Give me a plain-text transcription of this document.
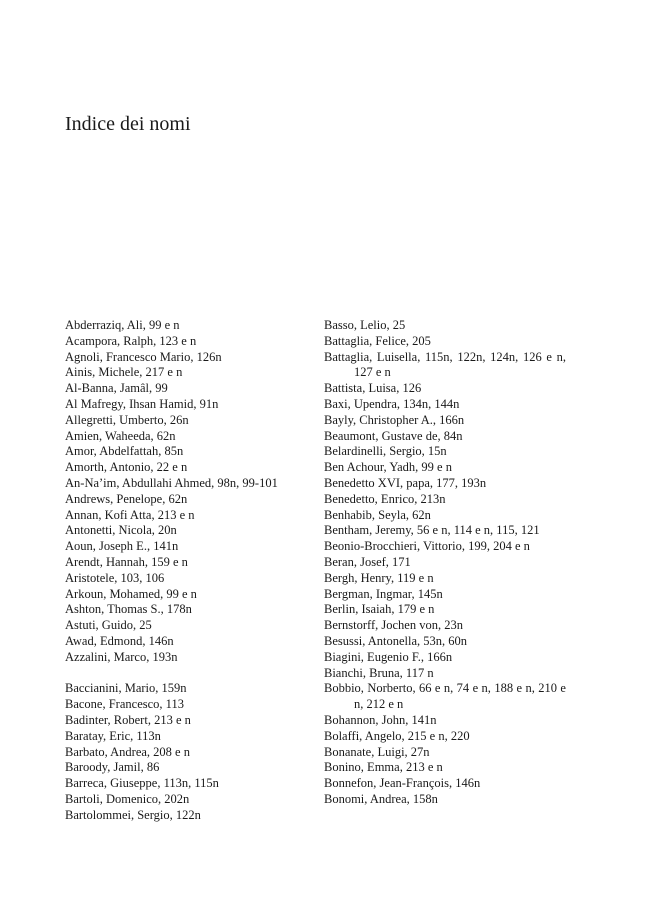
Indice dei nomi
Abderraziq, Ali, 99 e n
Acampora, Ralph, 123 e n
Agnoli, Francesco Mario, 126n
Ainis, Michele, 217 e n
Al-Banna, Jamâl, 99
Al Mafregy, Ihsan Hamid, 91n
Allegretti, Umberto, 26n
Amien, Waheeda, 62n
Amor, Abdelfattah, 85n
Amorth, Antonio, 22 e n
An-Na’im, Abdullahi Ahmed, 98n, 99-101
Andrews, Penelope, 62n
Annan, Kofi Atta, 213 e n
Antonetti, Nicola, 20n
Aoun, Joseph E., 141n
Arendt, Hannah, 159 e n
Aristotele, 103, 106
Arkoun, Mohamed, 99 e n
Ashton, Thomas S., 178n
Astuti, Guido, 25
Awad, Edmond, 146n
Azzalini, Marco, 193n
Baccianini, Mario, 159n
Bacone, Francesco, 113
Badinter, Robert, 213 e n
Baratay, Eric, 113n
Barbato, Andrea, 208 e n
Baroody, Jamil, 86
Barreca, Giuseppe, 113n, 115n
Bartoli, Domenico, 202n
Bartolommei, Sergio, 122n
Basso, Lelio, 25
Battaglia, Felice, 205
Battaglia, Luisella, 115n, 122n, 124n, 126 e n, 127 e n
Battista, Luisa, 126
Baxi, Upendra, 134n, 144n
Bayly, Christopher A., 166n
Beaumont, Gustave de, 84n
Belardinelli, Sergio, 15n
Ben Achour, Yadh, 99 e n
Benedetto XVI, papa, 177, 193n
Benedetto, Enrico, 213n
Benhabib, Seyla, 62n
Bentham, Jeremy, 56 e n, 114 e n, 115, 121
Beonio-Brocchieri, Vittorio, 199, 204 e n
Beran, Josef, 171
Bergh, Henry, 119 e n
Bergman, Ingmar, 145n
Berlin, Isaiah, 179 e n
Bernstorff, Jochen von, 23n
Besussi, Antonella, 53n, 60n
Biagini, Eugenio F., 166n
Bianchi, Bruna, 117 n
Bobbio, Norberto, 66 e n, 74 e n, 188 e n, 210 e n, 212 e n
Bohannon, John, 141n
Bolaffi, Angelo, 215 e n, 220
Bonanate, Luigi, 27n
Bonino, Emma, 213 e n
Bonnefon, Jean-François, 146n
Bonomi, Andrea, 158n
